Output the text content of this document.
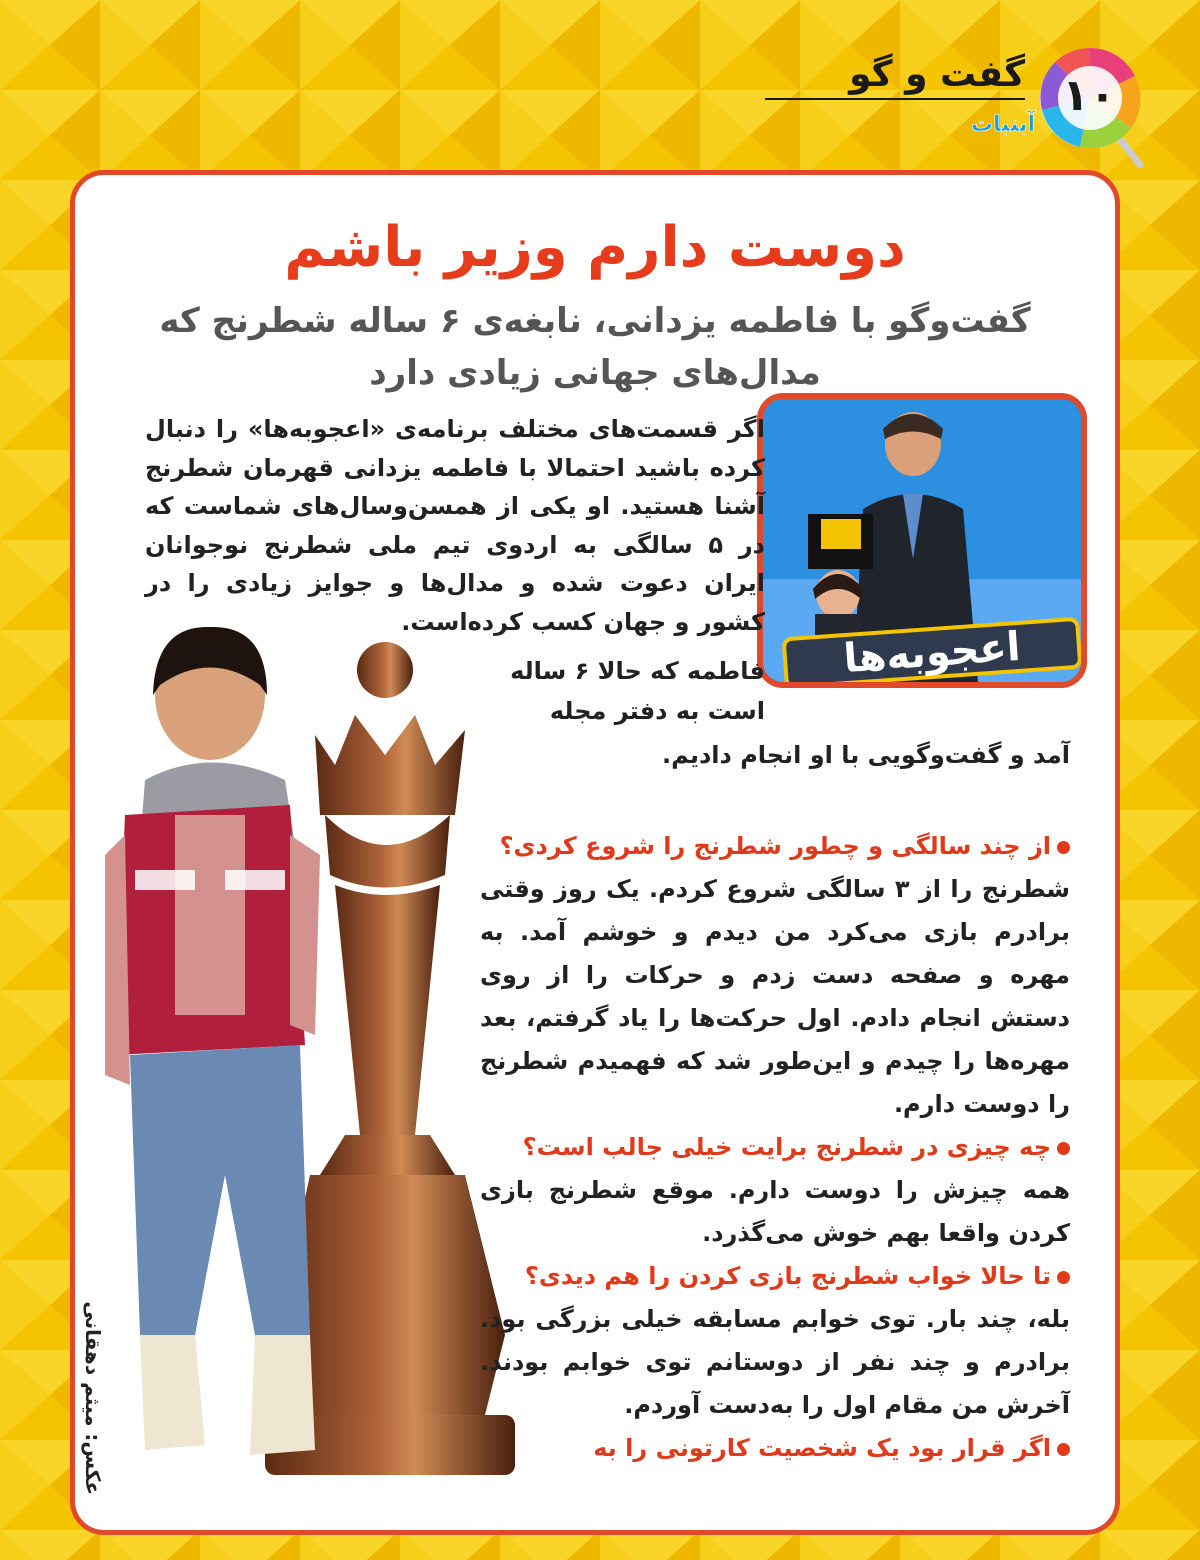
گفت و گو
آبنبات
۱۰
دوست دارم وزیر باشم
گفت‌وگو با فاطمه یزدانی، نابغه‌ی ۶ ساله شطرنج که مدال‌های جهانی زیادی دارد
اعجوبه‌ها
اگر قسمت‌های مختلف برنامه‌ی «اعجوبه‌ها» را دنبال کرده باشید احتمالا با فاطمه یزدانی قهرمان شطرنج آشنا هستید. او یکی از همسن‌وسال‌های شماست که در ۵ سالگی به اردوی تیم ملی شطرنج نوجوانان ایران دعوت شده و مدال‌ها و جوایز زیادی را در کشور و جهان کسب کرده‌است.
فاطمه که حالا ۶ ساله
است به دفتر مجله
آمد و گفت‌وگویی با او انجام دادیم.
عکس: میثم دهقانی
از چند سالگی و چطور شطرنج را شروع کردی؟
شطرنج را از ۳ سالگی شروع کردم. یک روز وقتی برادرم بازی می‌کرد من دیدم و خوشم آمد. به مهره و صفحه دست زدم و حرکات را از روی دستش انجام دادم. اول حرکت‌ها را یاد گرفتم، بعد مهره‌ها را چیدم و این‌طور شد که فهمیدم شطرنج را دوست دارم.
چه چیزی در شطرنج برایت خیلی جالب است؟
همه چیزش را دوست دارم. موقع شطرنج بازی کردن واقعا بهم خوش می‌گذرد.
تا حالا خواب شطرنج بازی کردن را هم دیدی؟
بله، چند بار. توی خوابم مسابقه خیلی بزرگی بود. برادرم و چند نفر از دوستانم توی خوابم بودند. آخرش من مقام اول را به‌دست آوردم.
اگر قرار بود یک شخصیت کارتونی را به
